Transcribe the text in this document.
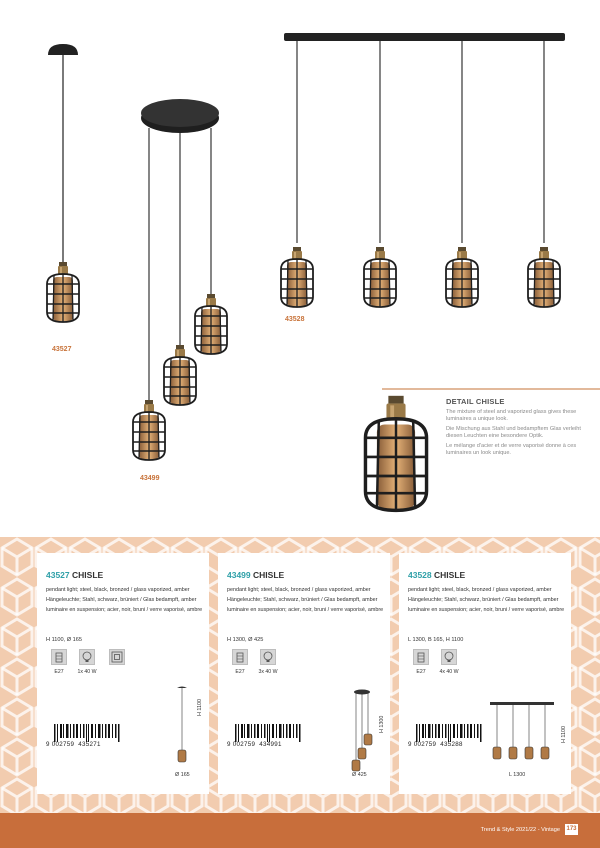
43527
43499
43528
DETAIL CHISLE
The mixture of steel and vaporized glass gives these luminaires a unique look.
Die Mischung aus Stahl und bedampftem Glas verleiht diesen Leuchten eine besondere Optik.
Le mélange d'acier et de verre vaporisé donne à ces luminaires un look unique.
43527 CHISLE
pendant light; steel, black, bronzed / glass vaporized, amber Hängeleuchte; Stahl, schwarz, brüniert / Glas bedampft, amber luminaire en suspension; acier, noir, bruni / verre vaporisé, ambre
H 1100, Ø 165
E27	1x 40 W
9 002759 435271
H 1100
Ø 165
43499 CHISLE
pendant light; steel, black, bronzed / glass vaporized, amber Hängeleuchte; Stahl, schwarz, brüniert / Glas bedampft, amber luminaire en suspension; acier, noir, bruni / verre vaporisé, ambre
H 1300, Ø 425
E27	3x 40 W
9 002759 434991
H 1300
Ø 425
43528 CHISLE
pendant light; steel, black, bronzed / glass vaporized, amber Hängeleuchte; Stahl, schwarz, brüniert / Glas bedampft, amber luminaire en suspension; acier, noir, bruni / verre vaporisé, ambre
L 1300, B 165, H 1100
E27	4x 40 W
9 002759 435288
H 1100
L 1300
Trend & Style 2021/22 - Vintage 173
